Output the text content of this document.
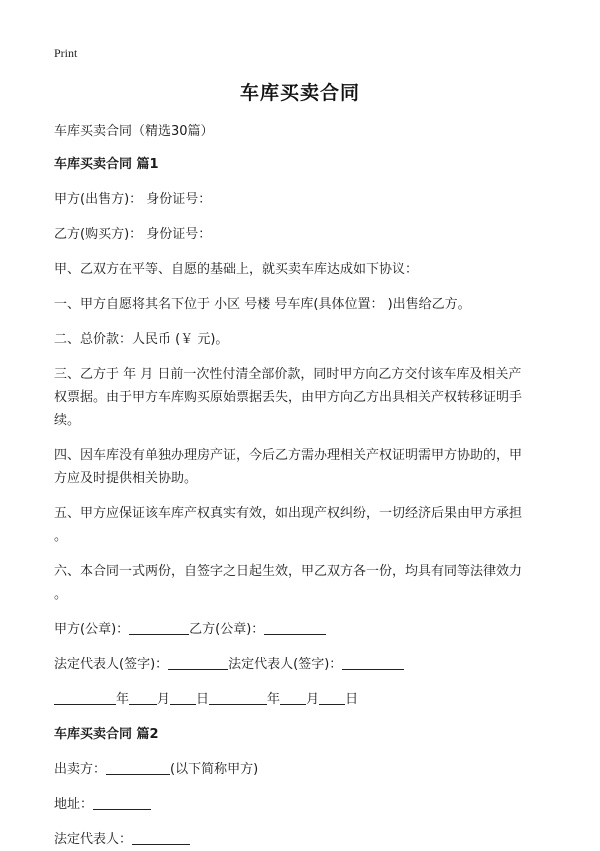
Print
车库买卖合同

车库买卖合同（精选30篇）

车库买卖合同 篇1

甲方(出售方)： 身份证号：

乙方(购买方)： 身份证号：

甲、乙双方在平等、自愿的基础上，就买卖车库达成如下协议：

一、甲方自愿将其名下位于 小区 号楼 号车库(具体位置： )出售给乙方。

二、总价款：人民币 (￥ 元)。

三、乙方于 年 月 日前一次性付清全部价款，同时甲方向乙方交付该车库及相关产

权票据。由于甲方车库购买原始票据丢失，由甲方向乙方出具相关产权转移证明手

续。

四、因车库没有单独办理房产证，今后乙方需办理相关产权证明需甲方协助的，甲

方应及时提供相关协助。

五、甲方应保证该车库产权真实有效，如出现产权纠纷，一切经济后果由甲方承担

。

六、本合同一式两份，自签字之日起生效，甲乙双方各一份，均具有同等法律效力

。

甲方(公章)：	乙方(公章)：

法定代表人(签字)：	法定代表人(签字)：

年 月 日	年 月 日

车库买卖合同 篇2

出卖方：	(以下简称甲方)

地址：

法定代表人：
